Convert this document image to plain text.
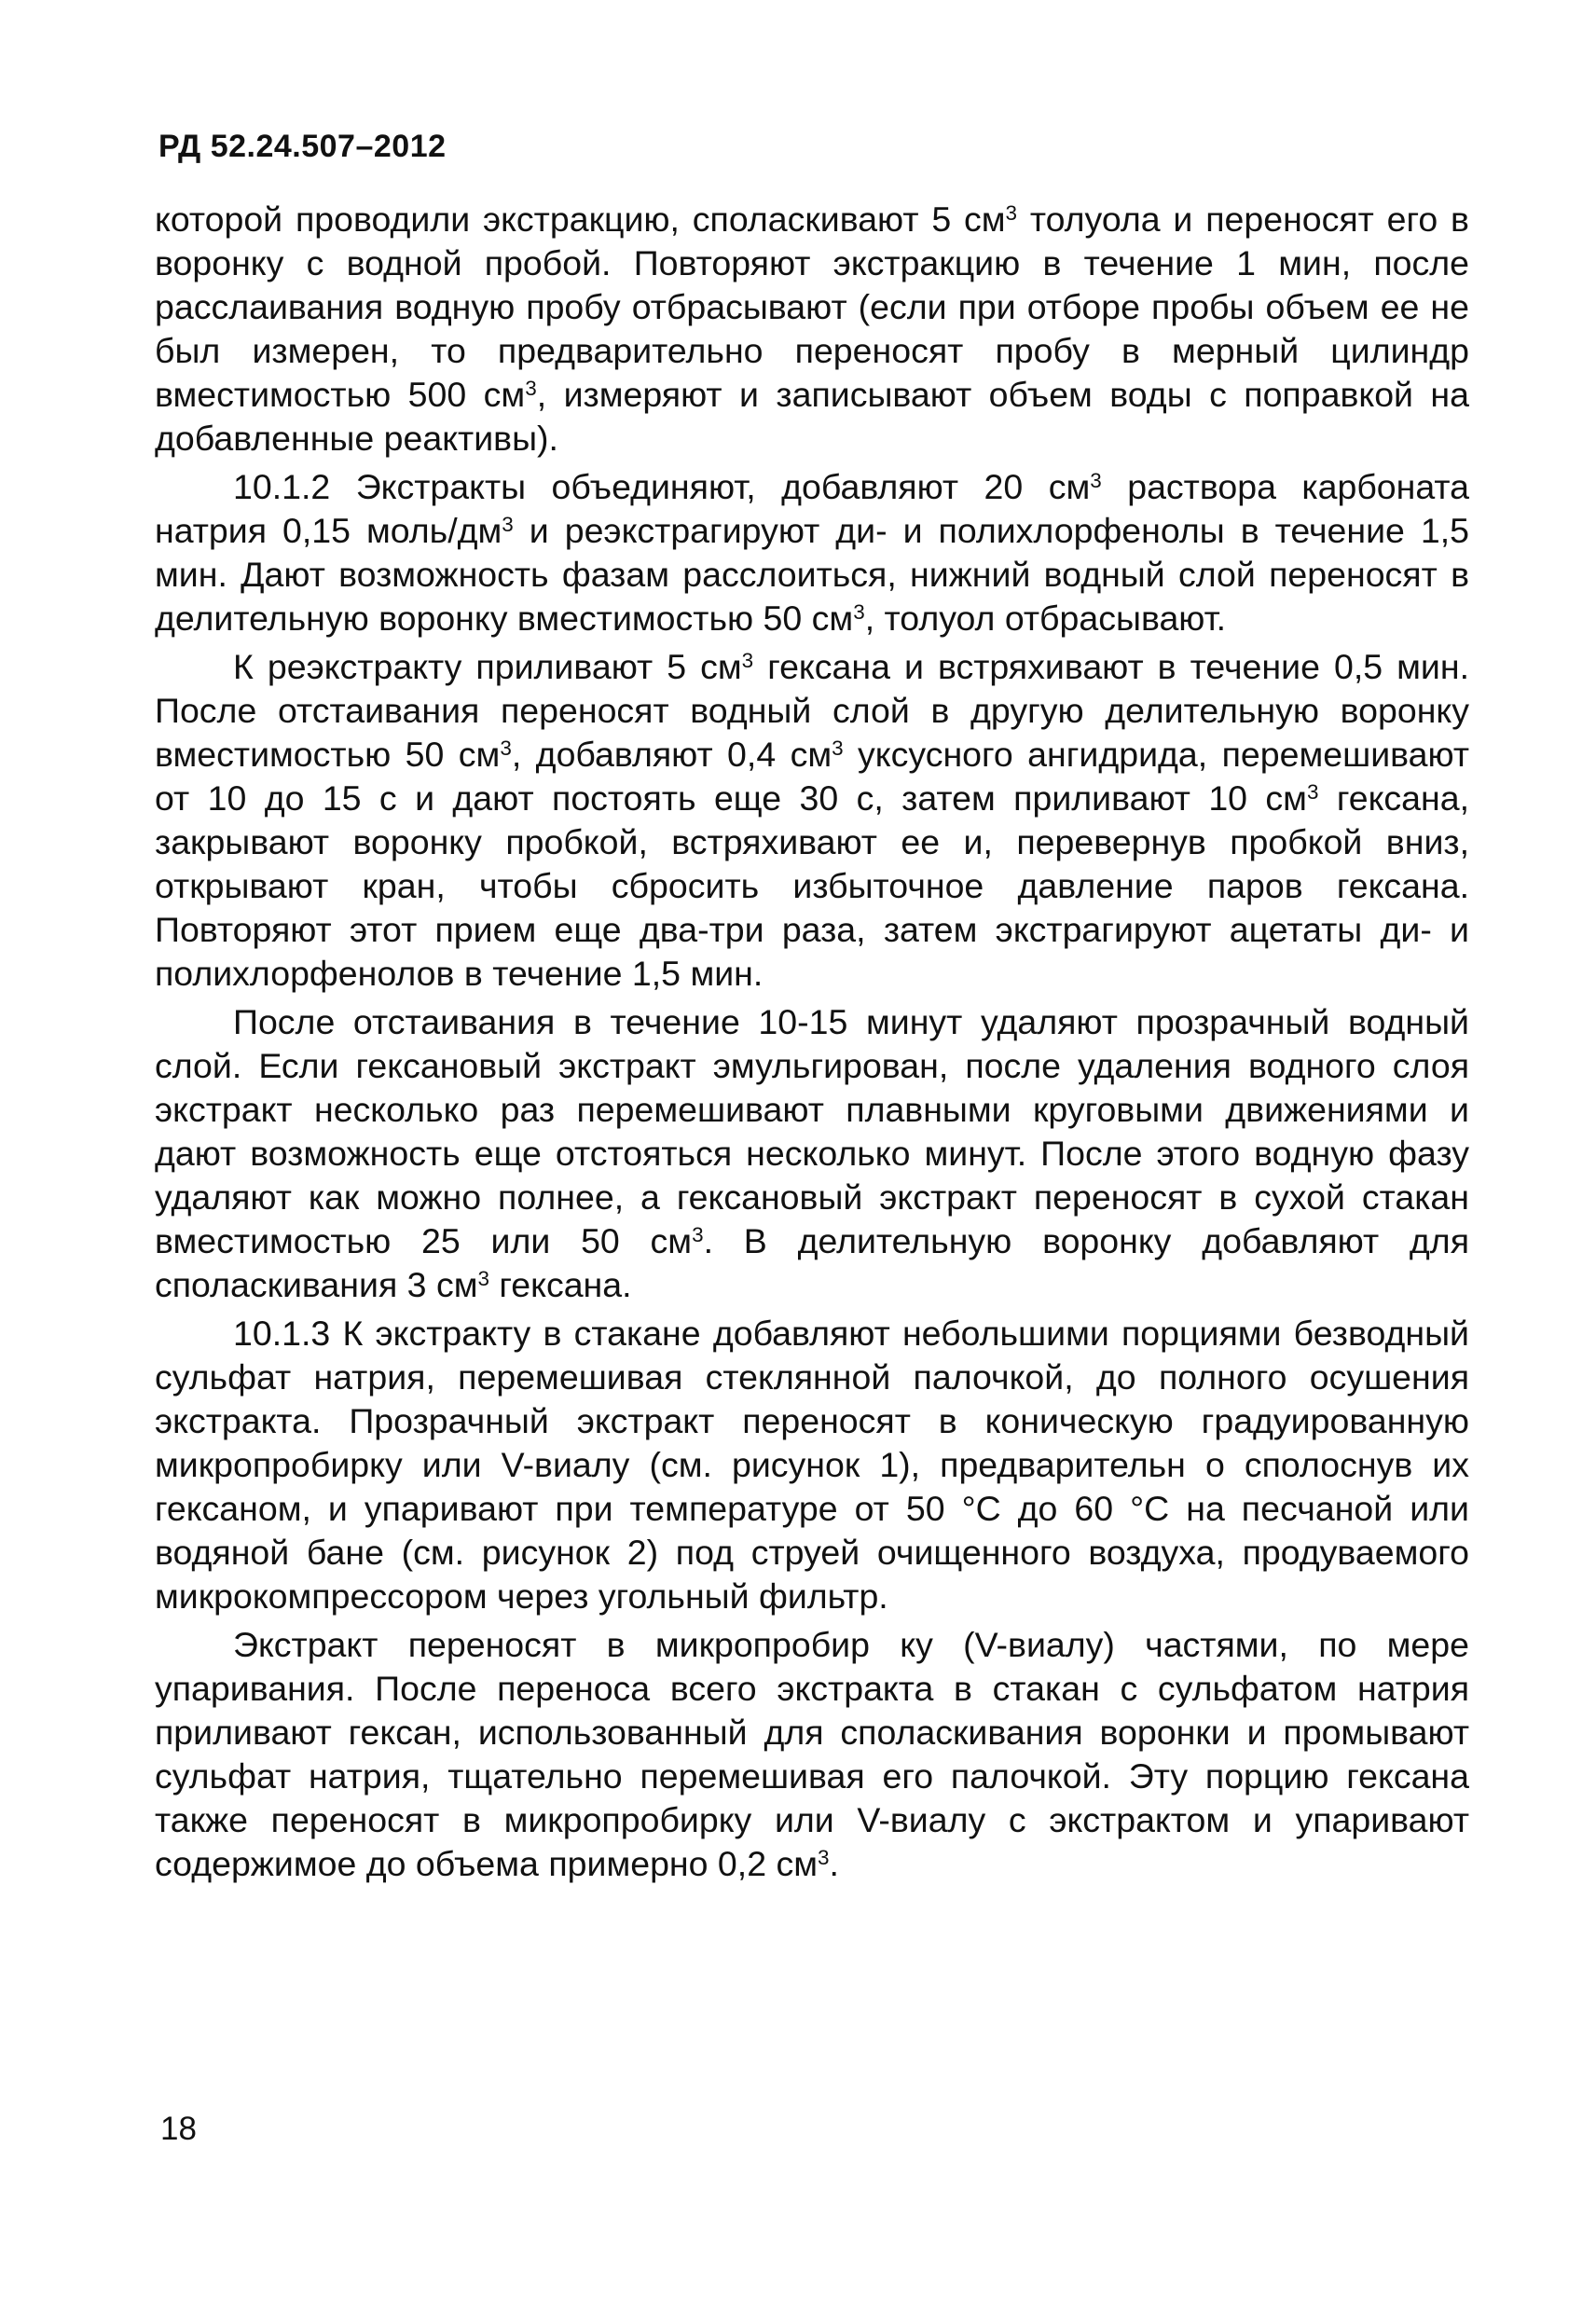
РД 52.24.507–2012

которой проводили экстракцию, споласкивают 5 $см^3$ толуола и переносят его в воронку с водной пробой. Повторяют экстракцию в течение 1 мин, после расслаивания водную пробу отбрасывают (если при отборе пробы объем ее не был измерен, то предварительно переносят пробу в мерный цилиндр вместимостью 500 $см^3$, измеряют и записывают объем воды с поправкой на добавленные реактивы).

10.1.2 Экстракты объединяют, добавляют 20 $см^3$ раствора карбоната натрия 0,15 моль/$дм^3$ и реэкстрагируют ди- и полихлорфенолы в течение 1,5 мин. Дают возможность фазам расслоиться, нижний водный слой переносят в делительную воронку вместимостью 50 $см^3$, толуол отбрасывают.

К реэкстракту приливают 5 $см^3$ гексана и встряхивают в течение 0,5 мин. После отстаивания переносят водный слой в другую делительную воронку вместимостью 50 $см^3$, добавляют 0,4 $см^3$ уксусного ангидрида, перемешивают от 10 до 15 с и дают постоять еще 30 с, затем приливают 10 $см^3$ гексана, закрывают воронку пробкой, встряхивают ее и, перевернув пробкой вниз, открывают кран, чтобы сбросить избыточное давление паров гексана. Повторяют этот прием еще два-три раза, затем экстрагируют ацетаты ди- и полихлорфенолов в течение 1,5 мин.

После отстаивания в течение 10-15 минут удаляют прозрачный водный слой. Если гексановый экстракт эмульгирован, после удаления водного слоя экстракт несколько раз перемешивают плавными круговыми движениями и дают возможность еще отстояться несколько минут. После этого водную фазу удаляют как можно полнее, а гексановый экстракт переносят в сухой стакан вместимостью 25 или 50 $см^3$. В делительную воронку добавляют для споласкивания 3 $см^3$ гексана.

10.1.3 К экстракту в стакане добавляют небольшими порциями безводный сульфат натрия, перемешивая стеклянной палочкой, до полного осушения экстракта. Прозрачный экстракт переносят в коническую градуированную микропробирку или V-виалу (см. рисунок 1), предварительн о сполоснув их гексаном, и упаривают при температуре от 50 °С до 60 °С на песчаной или водяной бане (см. рисунок 2) под струей очищенного воздуха, продуваемого микрокомпрессором через угольный фильтр.

Экстракт переносят в микропробир ку (V-виалу) частями, по мере упаривания. После переноса всего экстракта в стакан с сульфатом натрия приливают гексан, использованный для споласкивания воронки и промывают сульфат натрия, тщательно перемешивая его палочкой. Эту порцию гексана также переносят в микропробирку или V-виалу с экстрактом и упаривают содержимое до объема примерно 0,2 $см^3$.

18
